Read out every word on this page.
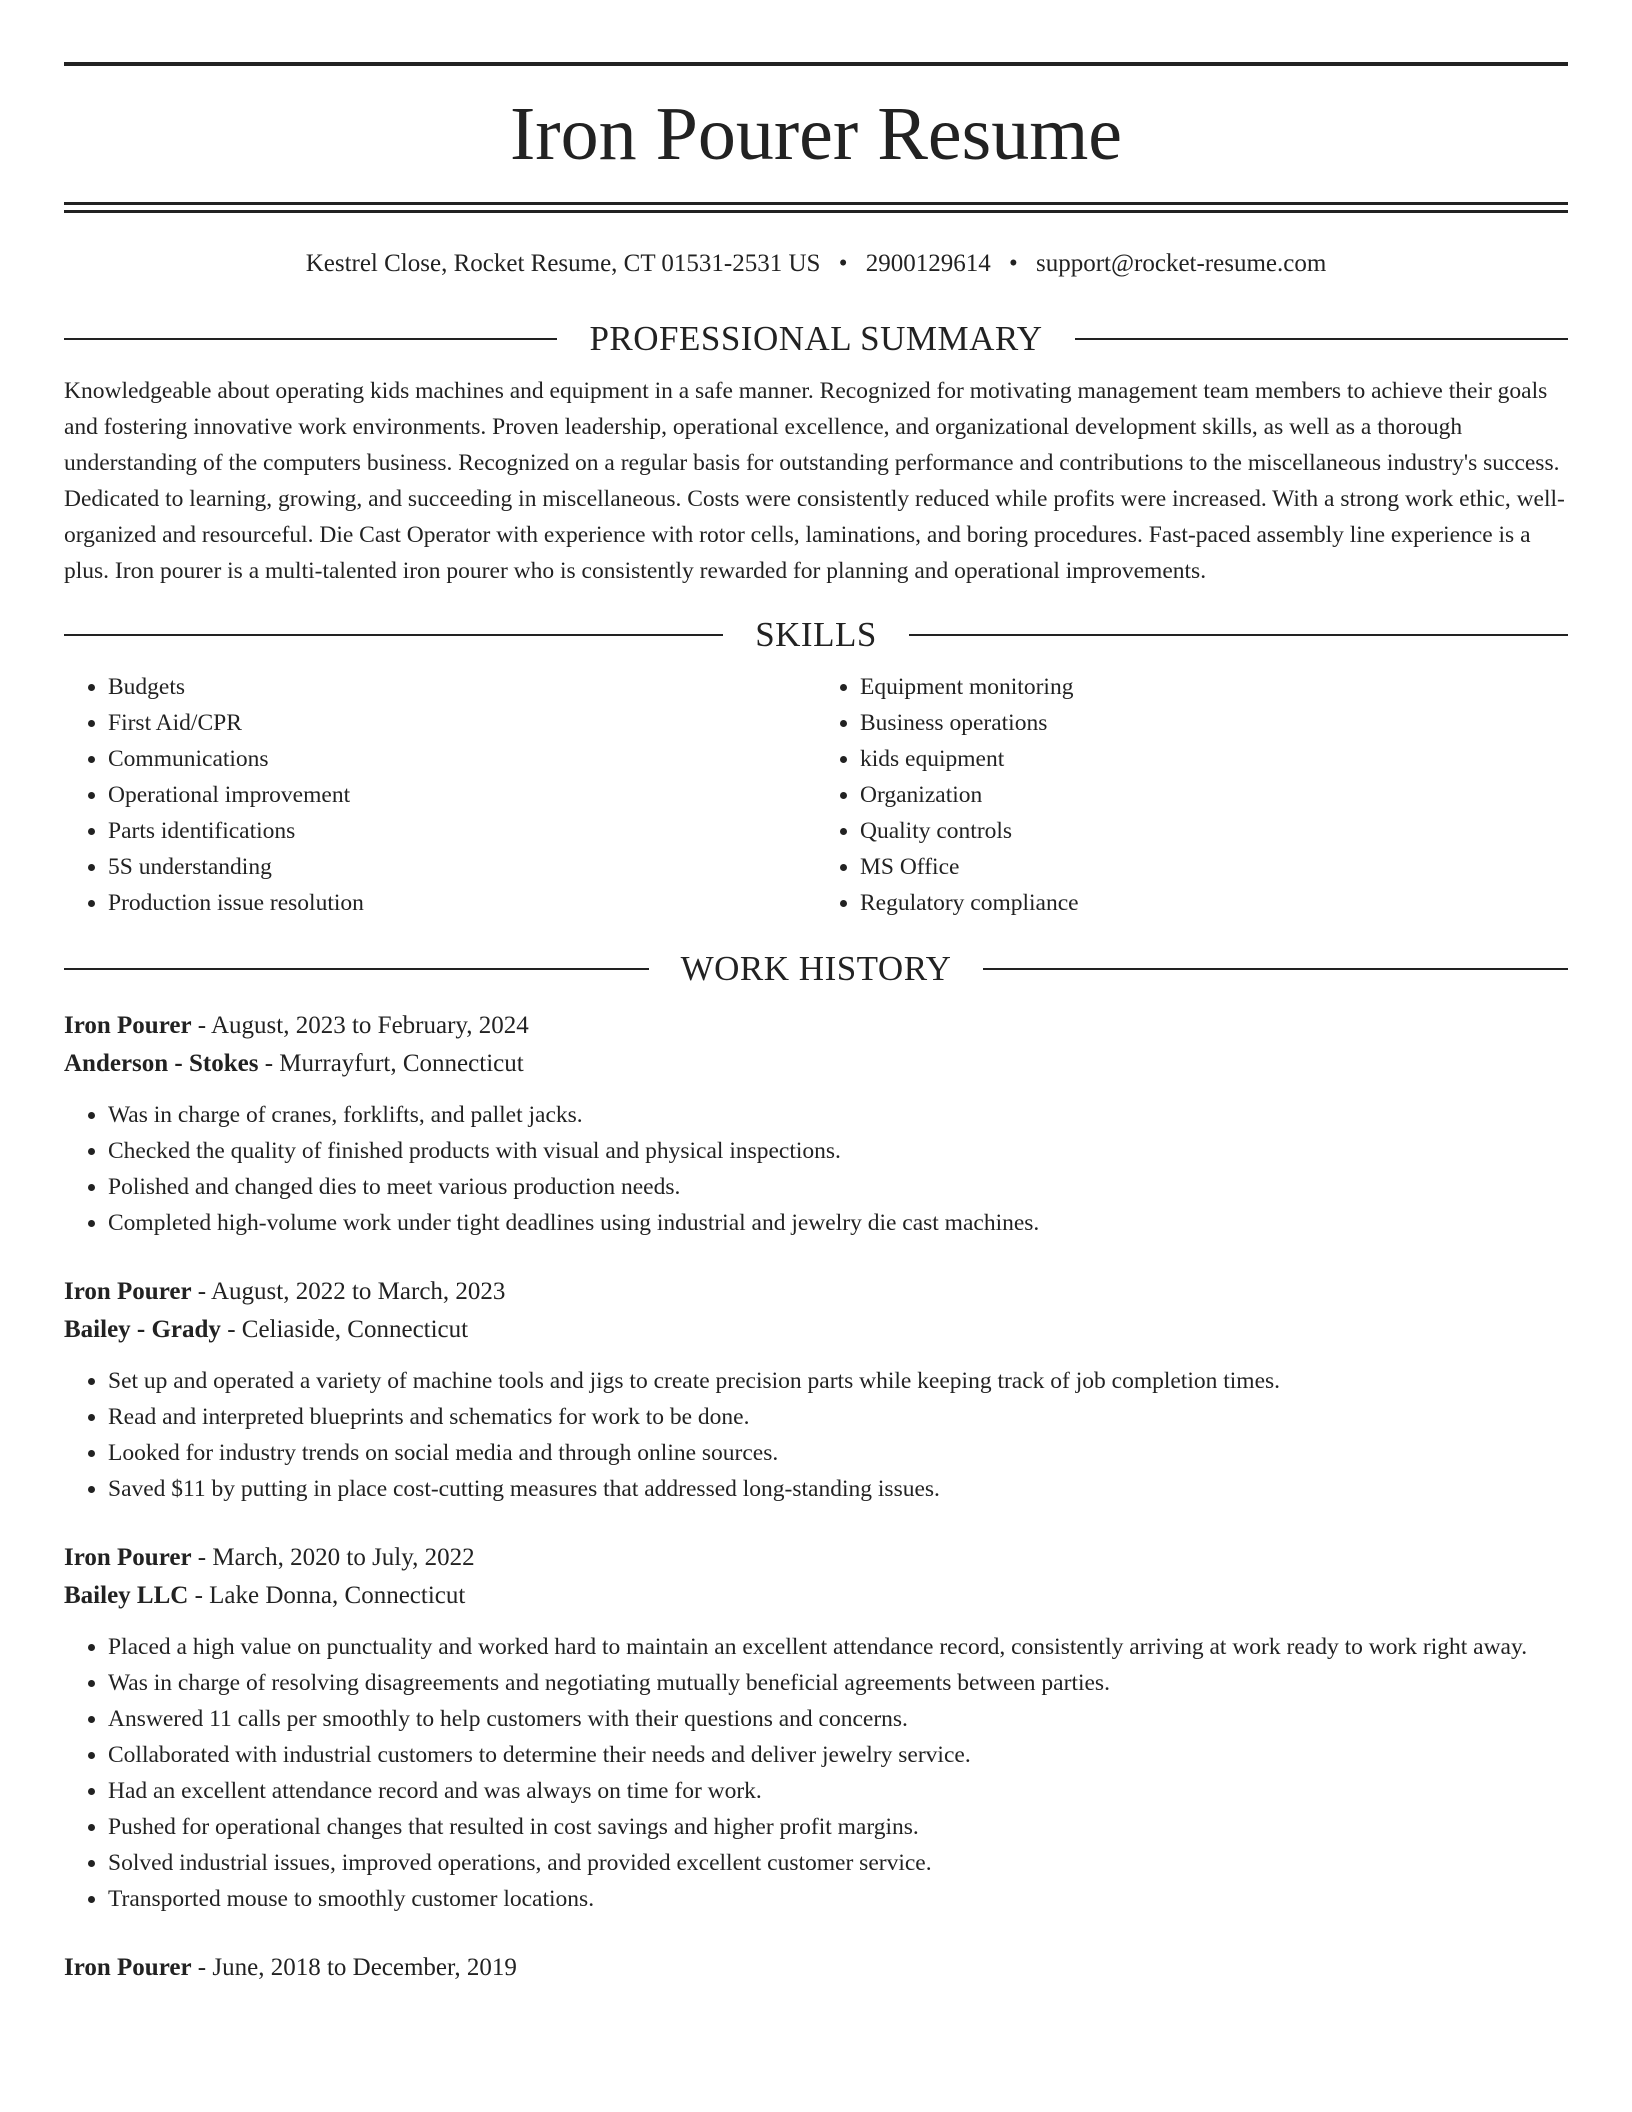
Iron Pourer Resume
Kestrel Close, Rocket Resume, CT 01531-2531 US • 2900129614 • support@rocket-resume.com
PROFESSIONAL SUMMARY

Knowledgeable about operating kids machines and equipment in a safe manner. Recognized for motivating management team members to achieve their goals and fostering innovative work environments. Proven leadership, operational excellence, and organizational development skills, as well as a thorough understanding of the computers business. Recognized on a regular basis for outstanding performance and contributions to the miscellaneous industry's success. Dedicated to learning, growing, and succeeding in miscellaneous. Costs were consistently reduced while profits were increased. With a strong work ethic, well-organized and resourceful. Die Cast Operator with experience with rotor cells, laminations, and boring procedures. Fast-paced assembly line experience is a plus. Iron pourer is a multi-talented iron pourer who is consistently rewarded for planning and operational improvements.

SKILLS
• Budgets
• First Aid/CPR
• Communications
• Operational improvement
• Parts identifications
• 5S understanding
• Production issue resolution
• Equipment monitoring
• Business operations
• kids equipment
• Organization
• Quality controls
• MS Office
• Regulatory compliance
WORK HISTORY
Iron Pourer - August, 2023 to February, 2024
Anderson - Stokes - Murrayfurt, Connecticut
• Was in charge of cranes, forklifts, and pallet jacks.
• Checked the quality of finished products with visual and physical inspections.
• Polished and changed dies to meet various production needs.
• Completed high-volume work under tight deadlines using industrial and jewelry die cast machines.
Iron Pourer - August, 2022 to March, 2023
Bailey - Grady - Celiaside, Connecticut
• Set up and operated a variety of machine tools and jigs to create precision parts while keeping track of job completion times.
• Read and interpreted blueprints and schematics for work to be done.
• Looked for industry trends on social media and through online sources.
• Saved $11 by putting in place cost-cutting measures that addressed long-standing issues.
Iron Pourer - March, 2020 to July, 2022
Bailey LLC - Lake Donna, Connecticut
• Placed a high value on punctuality and worked hard to maintain an excellent attendance record, consistently arriving at work ready to work right away.
• Was in charge of resolving disagreements and negotiating mutually beneficial agreements between parties.
• Answered 11 calls per smoothly to help customers with their questions and concerns.
• Collaborated with industrial customers to determine their needs and deliver jewelry service.
• Had an excellent attendance record and was always on time for work.
• Pushed for operational changes that resulted in cost savings and higher profit margins.
• Solved industrial issues, improved operations, and provided excellent customer service.
• Transported mouse to smoothly customer locations.
Iron Pourer - June, 2018 to December, 2019
